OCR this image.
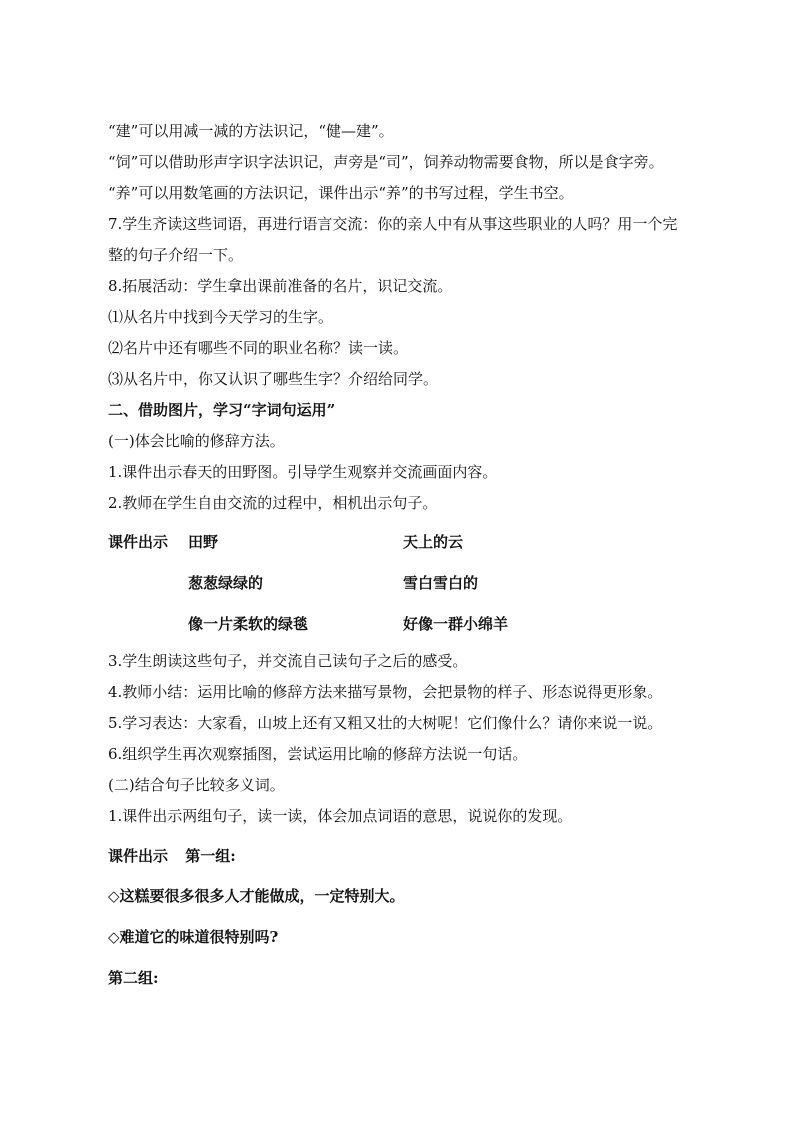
“建”可以用减一减的方法识记，“健—建”。
“饲”可以借助形声字识字法识记，声旁是“司”，饲养动物需要食物，所以是食字旁。
“养”可以用数笔画的方法识记，课件出示“养”的书写过程，学生书空。
7.学生齐读这些词语，再进行语言交流：你的亲人中有从事这些职业的人吗？用一个完
整的句子介绍一下。
8.拓展活动：学生拿出课前准备的名片，识记交流。
⑴从名片中找到今天学习的生字。
⑵名片中还有哪些不同的职业名称？读一读。
⑶从名片中，你又认识了哪些生字？介绍给同学。
二、借助图片，学习“字词句运用”
(一)体会比喻的修辞方法。
1.课件出示春天的田野图。引导学生观察并交流画面内容。
2.教师在学生自由交流的过程中，相机出示句子。
课件出示 田野	天上的云
葱葱绿绿的	雪白雪白的
像一片柔软的绿毯	好像一群小绵羊
3.学生朗读这些句子，并交流自己读句子之后的感受。
4.教师小结：运用比喻的修辞方法来描写景物，会把景物的样子、形态说得更形象。
5.学习表达：大家看，山坡上还有又粗又壮的大树呢！它们像什么？请你来说一说。
6.组织学生再次观察插图，尝试运用比喻的修辞方法说一句话。
(二)结合句子比较多义词。
1.课件出示两组句子，读一读，体会加点词语的意思，说说你的发现。
课件出示 第一组:
◇这糕要很多很多人才能做成，一定特别大。
◇难道它的味道很特别吗?
第二组:
